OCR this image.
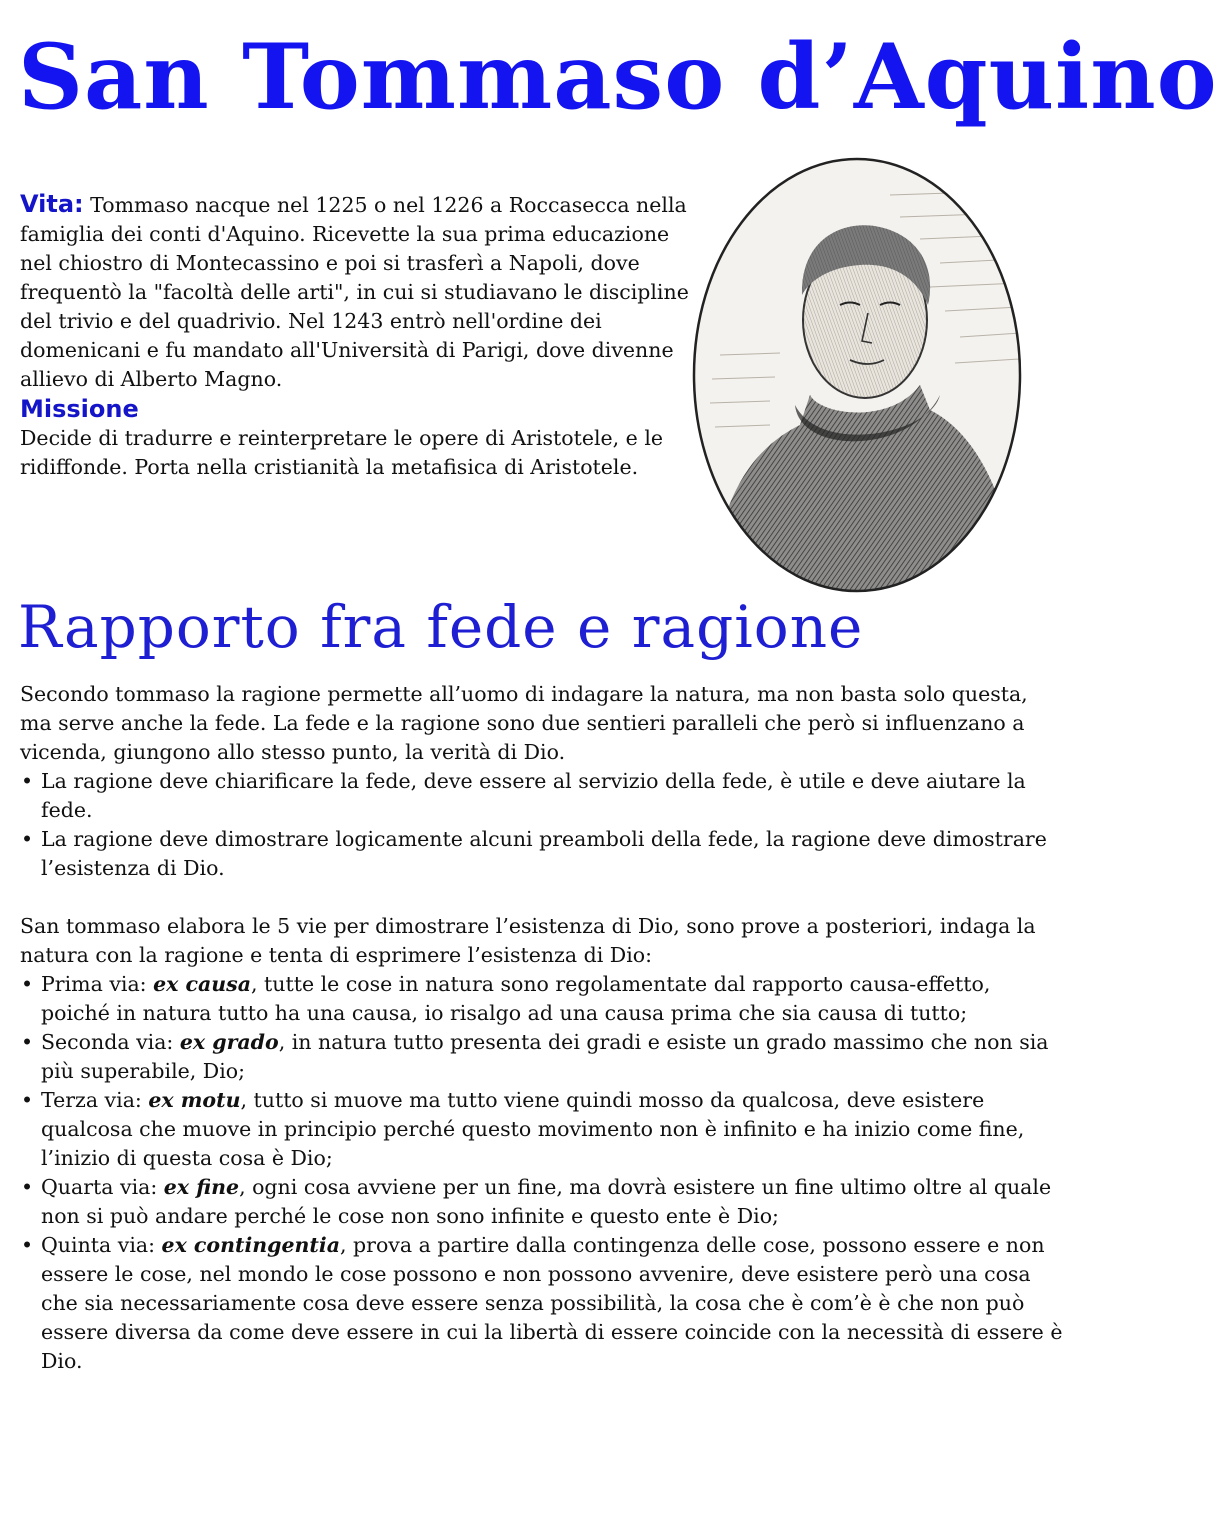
San Tommaso d’Aquino

Vita: Tommaso nacque nel 1225 o nel 1226 a Roccasecca nella famiglia dei conti d'Aquino. Ricevette la sua prima educazione nel chiostro di Montecassino e poi si trasferì a Napoli, dove frequentò la "facoltà delle arti", in cui si studiavano le discipline del trivio e del quadrivio. Nel 1243 entrò nell'ordine dei domenicani e fu mandato all'Università di Parigi, dove divenne allievo di Alberto Magno.

Missione

Decide di tradurre e reinterpretare le opere di Aristotele, e le ridiffonde. Porta nella cristianità la metafisica di Aristotele.

Rapporto fra fede e ragione

Secondo tommaso la ragione permette all’uomo di indagare la natura, ma non basta solo questa, ma serve anche la fede. La fede e la ragione sono due sentieri paralleli che però si influenzano a vicenda, giungono allo stesso punto, la verità di Dio.

• La ragione deve chiarificare la fede, deve essere al servizio della fede, è utile e deve aiutare la fede.
• La ragione deve dimostrare logicamente alcuni preamboli della fede, la ragione deve dimostrare l’esistenza di Dio.

San tommaso elabora le 5 vie per dimostrare l’esistenza di Dio, sono prove a posteriori, indaga la natura con la ragione e tenta di esprimere l’esistenza di Dio:

• Prima via: ex causa, tutte le cose in natura sono regolamentate dal rapporto causa-effetto, poiché in natura tutto ha una causa, io risalgo ad una causa prima che sia causa di tutto;
• Seconda via: ex grado, in natura tutto presenta dei gradi e esiste un grado massimo che non sia più superabile, Dio;
• Terza via: ex motu, tutto si muove ma tutto viene quindi mosso da qualcosa, deve esistere qualcosa che muove in principio perché questo movimento non è infinito e ha inizio come fine, l’inizio di questa cosa è Dio;
• Quarta via: ex fine, ogni cosa avviene per un fine, ma dovrà esistere un fine ultimo oltre al quale non si può andare perché le cose non sono infinite e questo ente è Dio;
• Quinta via: ex contingentia, prova a partire dalla contingenza delle cose, possono essere e non essere le cose, nel mondo le cose possono e non possono avvenire, deve esistere però una cosa che sia necessariamente cosa deve essere senza possibilità, la cosa che è com’è è che non può essere diversa da come deve essere in cui la libertà di essere coincide con la necessità di essere è Dio.
